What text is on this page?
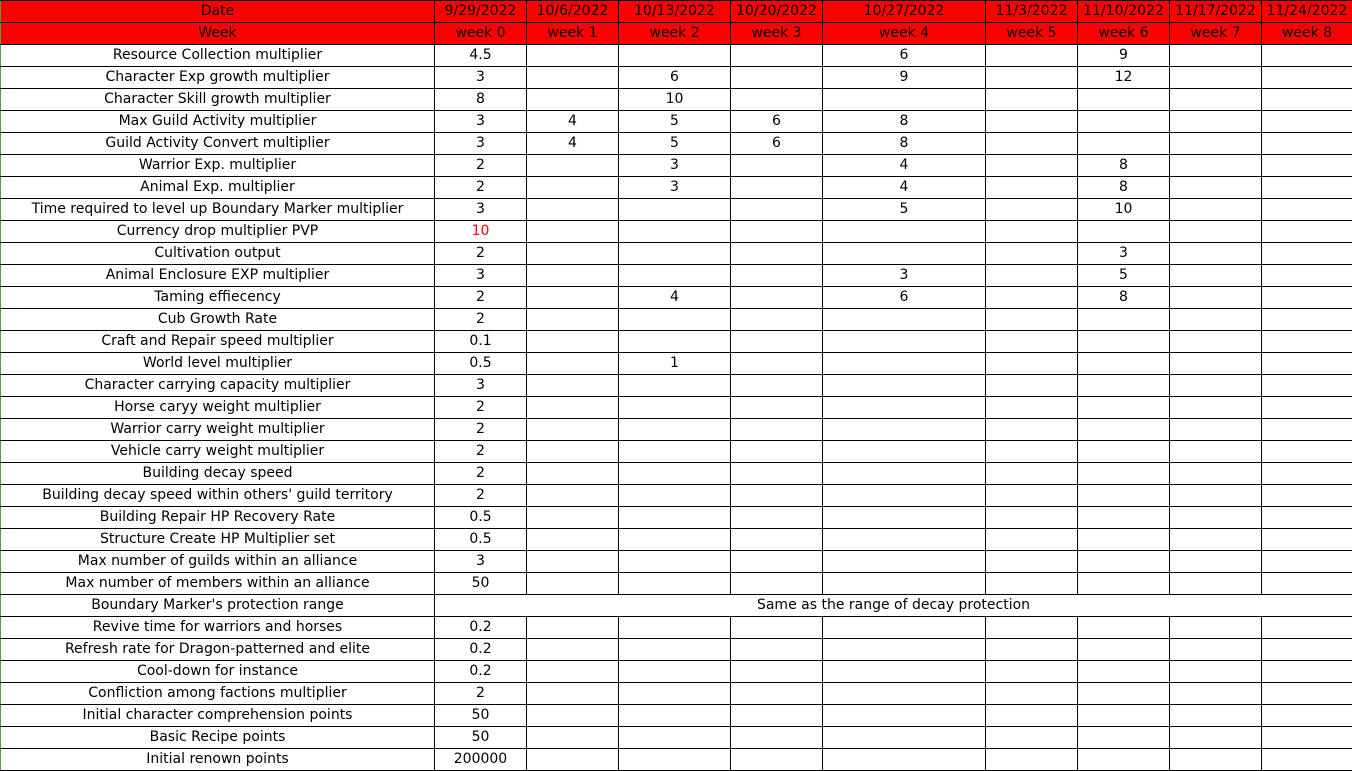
Date	9/29/2022	10/6/2022	10/13/2022	10/20/2022	10/27/2022	11/3/2022	11/10/2022	11/17/2022	11/24/2022
Week	week 0	week 1	week 2	week 3	week 4	week 5	week 6	week 7	week 8
Resource Collection multiplier	4.5				6		9		
Character Exp growth multiplier	3		6		9		12		
Character Skill growth multiplier	8		10						
Max Guild Activity multiplier	3	4	5	6	8				
Guild Activity Convert multiplier	3	4	5	6	8				
Warrior Exp. multiplier	2		3		4		8		
Animal Exp. multiplier	2		3		4		8		
Time required to level up Boundary Marker multiplier	3				5		10		
Currency drop multiplier PVP	10								
Cultivation output	2						3		
Animal Enclosure EXP multiplier	3				3		5		
Taming effiecency	2		4		6		8		
Cub Growth Rate	2								
Craft and Repair speed multiplier	0.1								
World level multiplier	0.5		1						
Character carrying capacity multiplier	3								
Horse caryy weight multiplier	2								
Warrior carry weight multiplier	2								
Vehicle carry weight multiplier	2								
Building decay speed	2								
Building decay speed within others' guild territory	2								
Building Repair HP Recovery Rate	0.5								
Structure Create HP Multiplier set	0.5								
Max number of guilds within an alliance	3								
Max number of members within an alliance	50								
Boundary Marker's protection range	Same as the range of decay protection								
Revive time for warriors and horses	0.2								
Refresh rate for Dragon-patterned and elite	0.2								
Cool-down for instance	0.2								
Confliction among factions multiplier	2								
Initial character comprehension points	50								
Basic Recipe points	50								
Initial renown points	200000								
